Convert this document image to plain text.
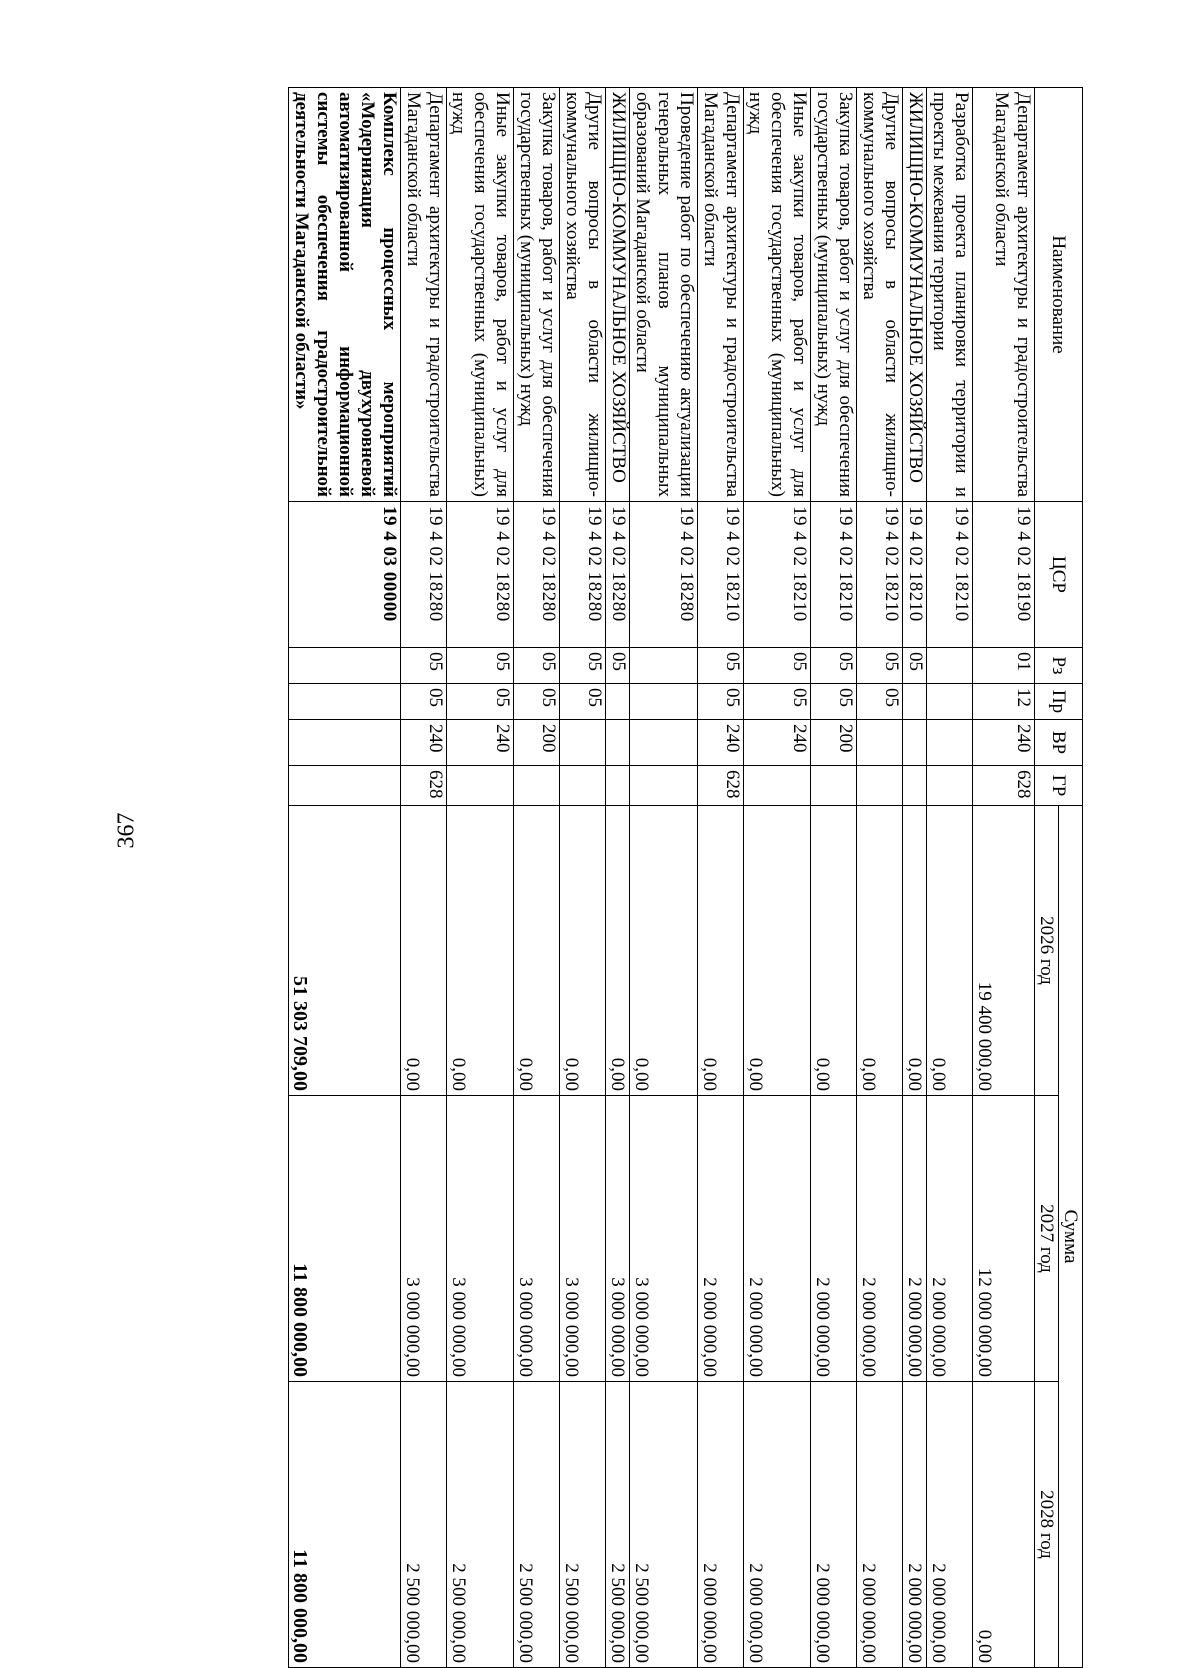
367
Наименование	ЦСР	Рз	Пр	ВР	ГР	Сумма		
						2026 год	2027 год	2028 год
Департамент архитектуры и градостроительства Магаданской области	19 4 02 18190	01	12	240	628	19 400 000,00	12 000 000,00	0,00
Разработка проекта планировки территории и проекты межевания территории	19 4 02 18210					0,00	2 000 000,00	2 000 000,00
ЖИЛИЩНО-КОММУНАЛЬНОЕ ХОЗЯЙСТВО	19 4 02 18210	05				0,00	2 000 000,00	2 000 000,00
Другие вопросы в области жилищно-коммунального хозяйства	19 4 02 18210	05	05			0,00	2 000 000,00	2 000 000,00
Закупка товаров, работ и услуг для обеспечения государственных (муниципальных) нужд	19 4 02 18210	05	05	200		0,00	2 000 000,00	2 000 000,00
Иные закупки товаров, работ и услуг для обеспечения государственных (муниципальных) нужд	19 4 02 18210	05	05	240		0,00	2 000 000,00	2 000 000,00
Департамент архитектуры и градостроительства Магаданской области	19 4 02 18210	05	05	240	628	0,00	2 000 000,00	2 000 000,00
Проведение работ по обеспечению актуализации генеральных планов муниципальных образований Магаданской области	19 4 02 18280					0,00	3 000 000,00	2 500 000,00
ЖИЛИЩНО-КОММУНАЛЬНОЕ ХОЗЯЙСТВО	19 4 02 18280	05				0,00	3 000 000,00	2 500 000,00
Другие вопросы в области жилищно-коммунального хозяйства	19 4 02 18280	05	05			0,00	3 000 000,00	2 500 000,00
Закупка товаров, работ и услуг для обеспечения государственных (муниципальных) нужд	19 4 02 18280	05	05	200		0,00	3 000 000,00	2 500 000,00
Иные закупки товаров, работ и услуг для обеспечения государственных (муниципальных) нужд	19 4 02 18280	05	05	240		0,00	3 000 000,00	2 500 000,00
Департамент архитектуры и градостроительства Магаданской области	19 4 02 18280	05	05	240	628	0,00	3 000 000,00	2 500 000,00
Комплекс процессных мероприятий «Модернизация двухуровневой автоматизированной информационной системы обеспечения градостроительной деятельности Магаданской области»	19 4 03 00000					51 303 709,00	11 800 000,00	11 800 000,00
